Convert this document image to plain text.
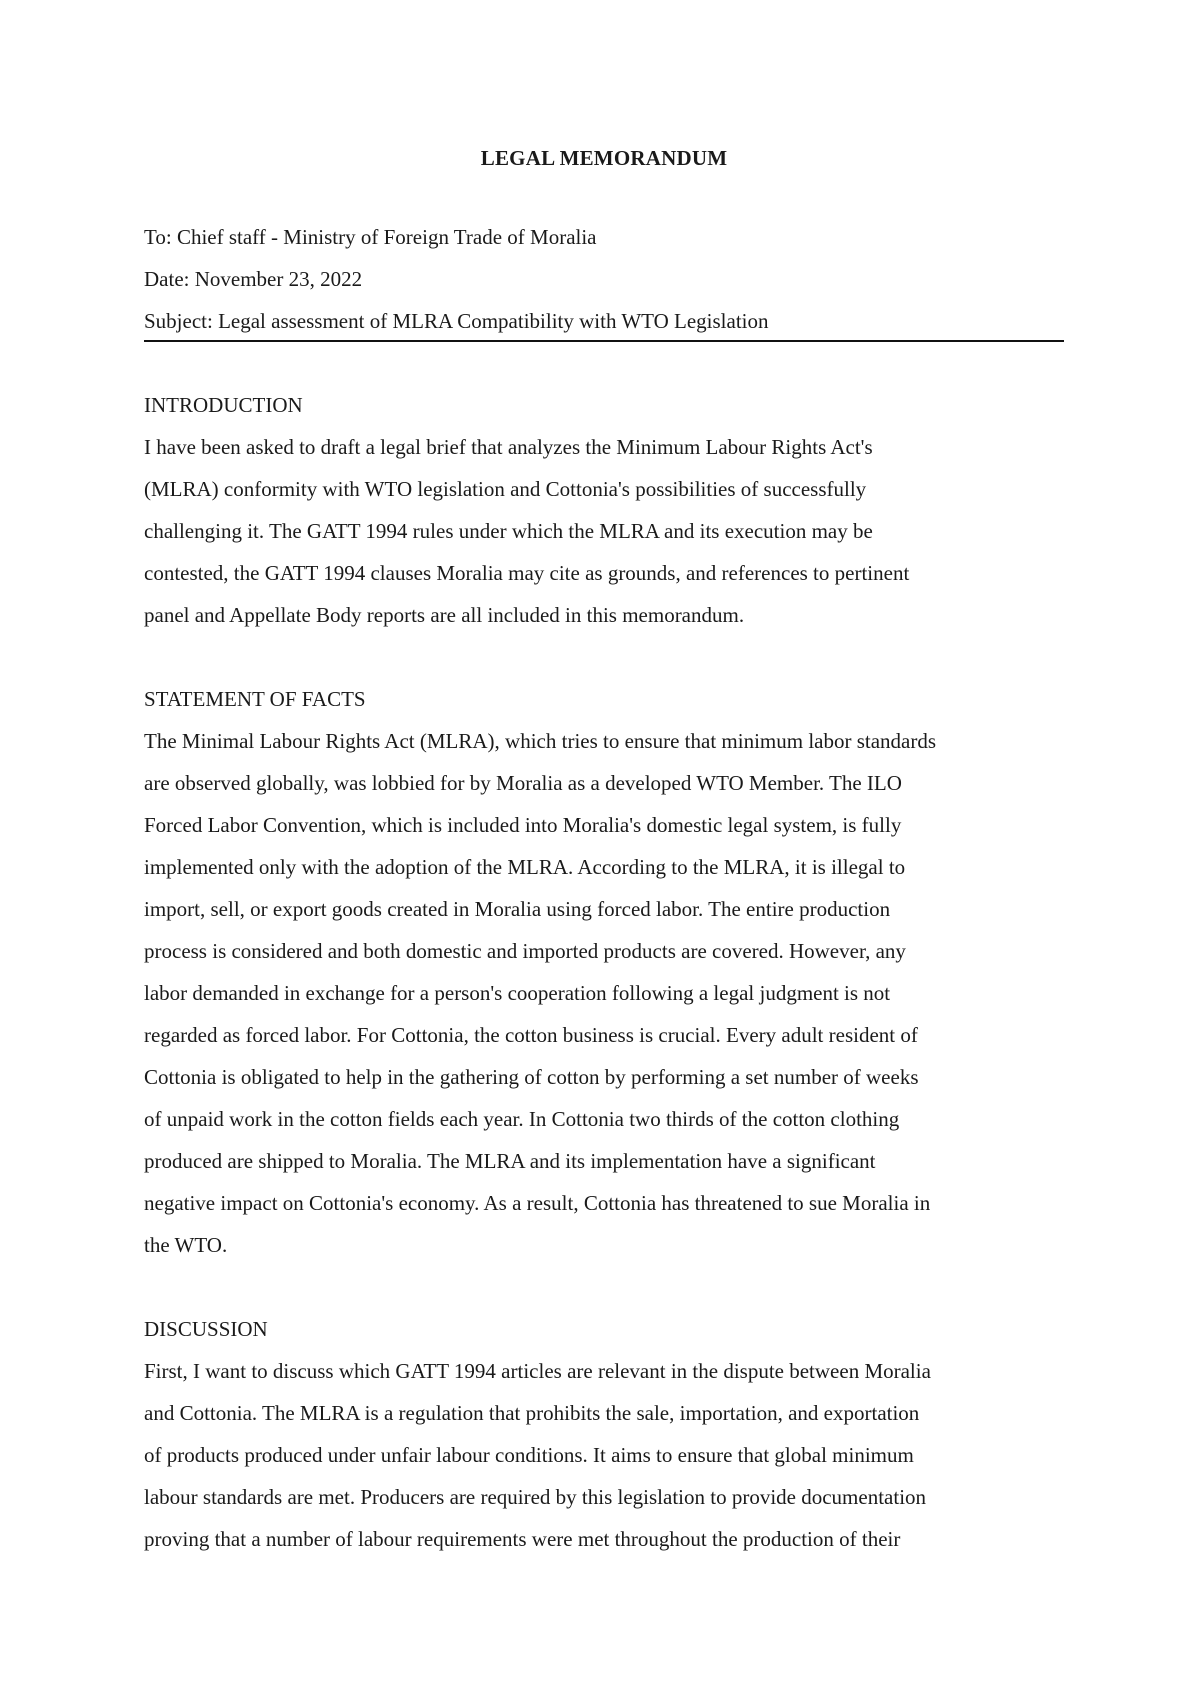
LEGAL MEMORANDUM
To: Chief staff - Ministry of Foreign Trade of Moralia
Date: November 23, 2022
Subject: Legal assessment of MLRA Compatibility with WTO Legislation
INTRODUCTION

I have been asked to draft a legal brief that analyzes the Minimum Labour Rights Act's
(MLRA) conformity with WTO legislation and Cottonia's possibilities of successfully
challenging it. The GATT 1994 rules under which the MLRA and its execution may be
contested, the GATT 1994 clauses Moralia may cite as grounds, and references to pertinent
panel and Appellate Body reports are all included in this memorandum.

STATEMENT OF FACTS

The Minimal Labour Rights Act (MLRA), which tries to ensure that minimum labor standards
are observed globally, was lobbied for by Moralia as a developed WTO Member. The ILO
Forced Labor Convention, which is included into Moralia's domestic legal system, is fully
implemented only with the adoption of the MLRA. According to the MLRA, it is illegal to
import, sell, or export goods created in Moralia using forced labor. The entire production
process is considered and both domestic and imported products are covered. However, any
labor demanded in exchange for a person's cooperation following a legal judgment is not
regarded as forced labor. For Cottonia, the cotton business is crucial. Every adult resident of
Cottonia is obligated to help in the gathering of cotton by performing a set number of weeks
of unpaid work in the cotton fields each year. In Cottonia two thirds of the cotton clothing
produced are shipped to Moralia. The MLRA and its implementation have a significant
negative impact on Cottonia's economy. As a result, Cottonia has threatened to sue Moralia in
the WTO.

DISCUSSION

First, I want to discuss which GATT 1994 articles are relevant in the dispute between Moralia
and Cottonia. The MLRA is a regulation that prohibits the sale, importation, and exportation
of products produced under unfair labour conditions. It aims to ensure that global minimum
labour standards are met. Producers are required by this legislation to provide documentation
proving that a number of labour requirements were met throughout the production of their
